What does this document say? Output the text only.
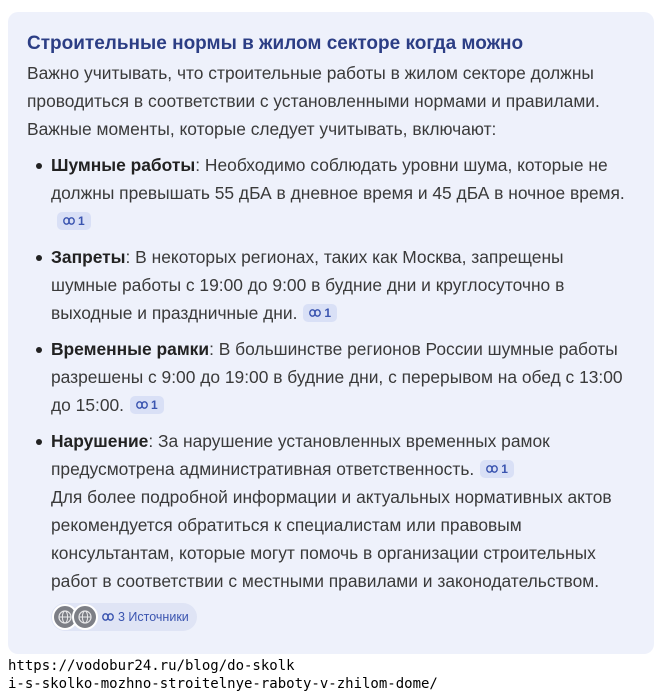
Строительные нормы в жилом секторе когда можно

Важно учитывать, что строительные работы в жилом секторе должны проводиться в соответствии с установленными нормами и правилами. Важные моменты, которые следует учитывать, включают:

Шумные работы: Необходимо соблюдать уровни шума, которые не должны превышать 55 дБА в дневное время и 45 дБА в ночное время.
1
Запреты: В некоторых регионах, таких как Москва, запрещены шумные работы с 19:00 до 9:00 в будние дни и круглосуточно в выходные и праздничные дни. 1
Временные рамки: В большинстве регионов России шумные работы разрешены с 9:00 до 19:00 в будние дни, с перерывом на обед с 13:00 до 15:00. 1
Нарушение: За нарушение установленных временных рамок предусмотрена административная ответственность. 1
Для более подробной информации и актуальных нормативных актов рекомендуется обратиться к специалистам или правовым консультантам, которые могут помочь в организации строительных работ в соответствии с местными правилами и законодательством.
3 Источники
https://vodobur24.ru/blog/do-skolk
i-s-skolko-mozhno-stroitelnye-raboty-v-zhilom-dome/
